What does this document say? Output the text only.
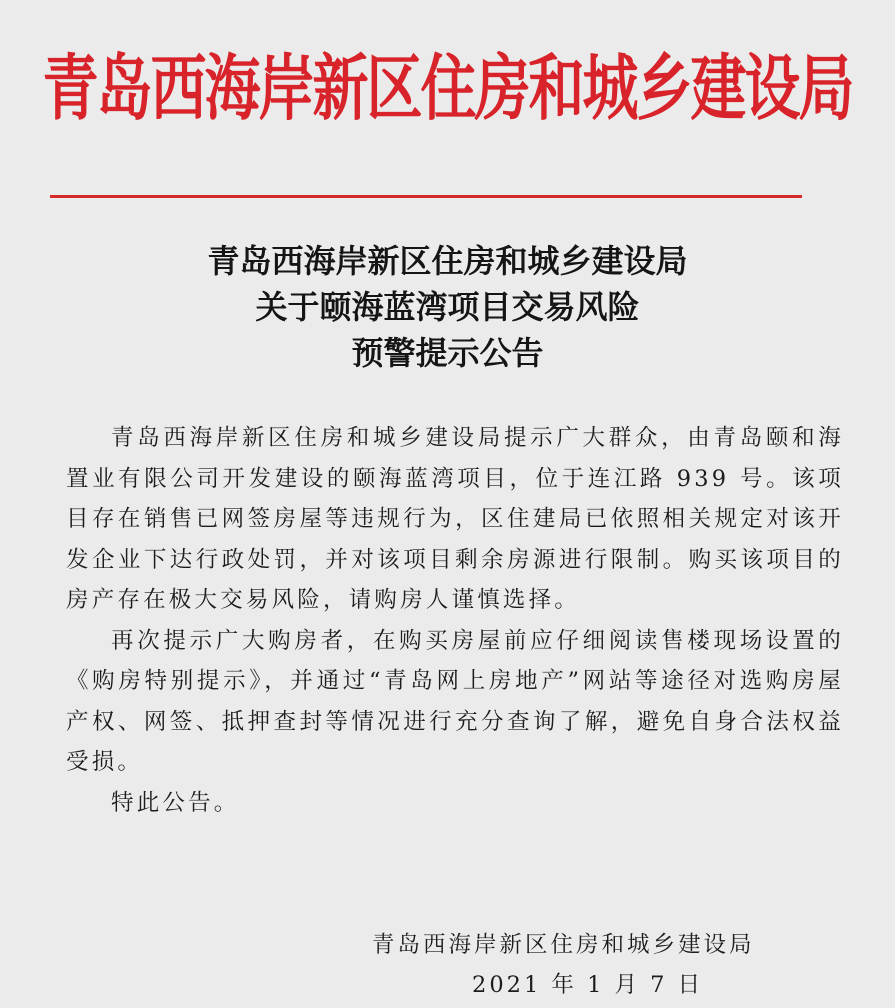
青岛西海岸新区住房和城乡建设局
青岛西海岸新区住房和城乡建设局
关于颐海蓝湾项目交易风险
预警提示公告

青岛西海岸新区住房和城乡建设局提示广大群众，由青岛颐和海置业有限公司开发建设的颐海蓝湾项目，位于连江路 939 号。该项目存在销售已网签房屋等违规行为，区住建局已依照相关规定对该开发企业下达行政处罚，并对该项目剩余房源进行限制。购买该项目的房产存在极大交易风险，请购房人谨慎选择。

再次提示广大购房者，在购买房屋前应仔细阅读售楼现场设置的《购房特别提示》，并通过“青岛网上房地产”网站等途径对选购房屋产权、网签、抵押查封等情况进行充分查询了解，避免自身合法权益受损。

特此公告。

青岛西海岸新区住房和城乡建设局
2021 年 1 月 7 日
